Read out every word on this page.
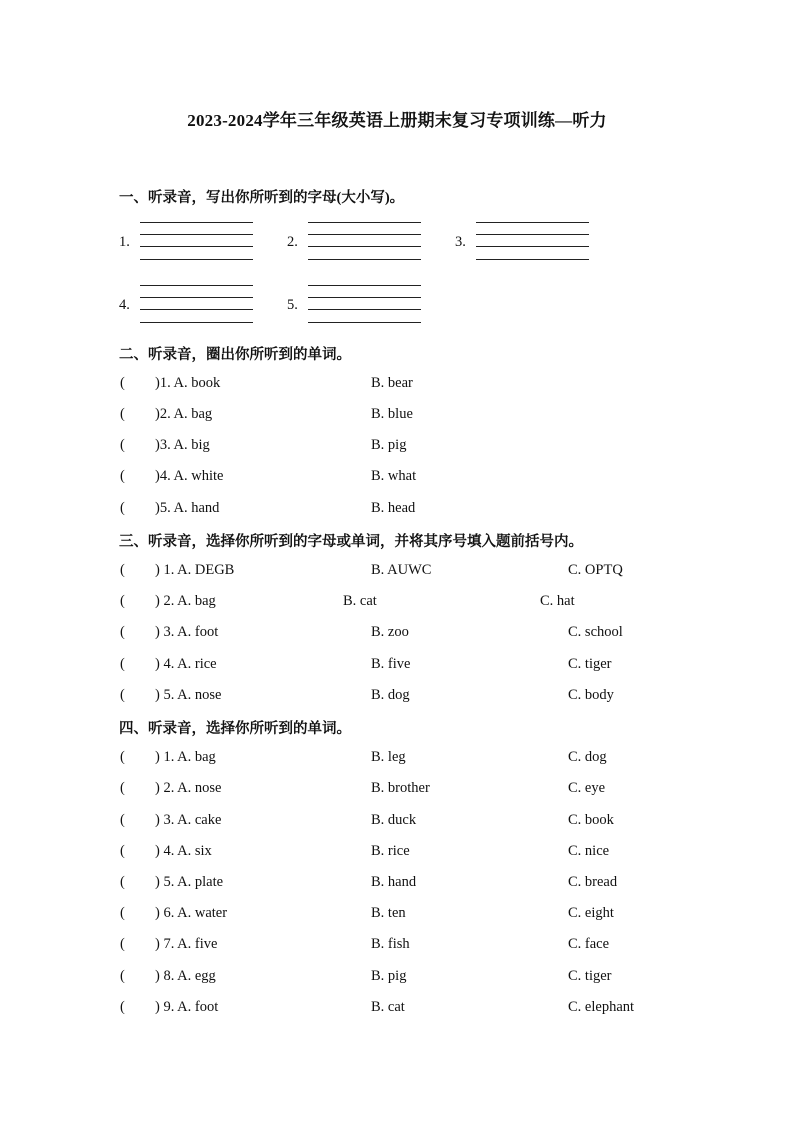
2023-2024学年三年级英语上册期末复习专项训练—听力
一、听录音，写出你所听到的字母(大小写)。
1.	2.	3.
4.	5.
二、听录音，圈出你所听到的单词。
( )1. A. book	B. bear
( )2. A. bag	B. blue
( )3. A. big	B. pig
( )4. A. white	B. what
( )5. A. hand	B. head
三、听录音，选择你所听到的字母或单词，并将其序号填入题前括号内。
( ) 1. A. DEGB	B. AUWC	C. OPTQ
( ) 2. A. bag	B. cat	C. hat
( ) 3. A. foot	B. zoo	C. school
( ) 4. A. rice	B. five	C. tiger
( ) 5. A. nose	B. dog	C. body
四、听录音，选择你所听到的单词。
( ) 1. A. bag	B. leg	C. dog
( ) 2. A. nose	B. brother	C. eye
( ) 3. A. cake	B. duck	C. book
( ) 4. A. six	B. rice	C. nice
( ) 5. A. plate	B. hand	C. bread
( ) 6. A. water	B. ten	C. eight
( ) 7. A. five	B. fish	C. face
( ) 8. A. egg	B. pig	C. tiger
( ) 9. A. foot	B. cat	C. elephant
